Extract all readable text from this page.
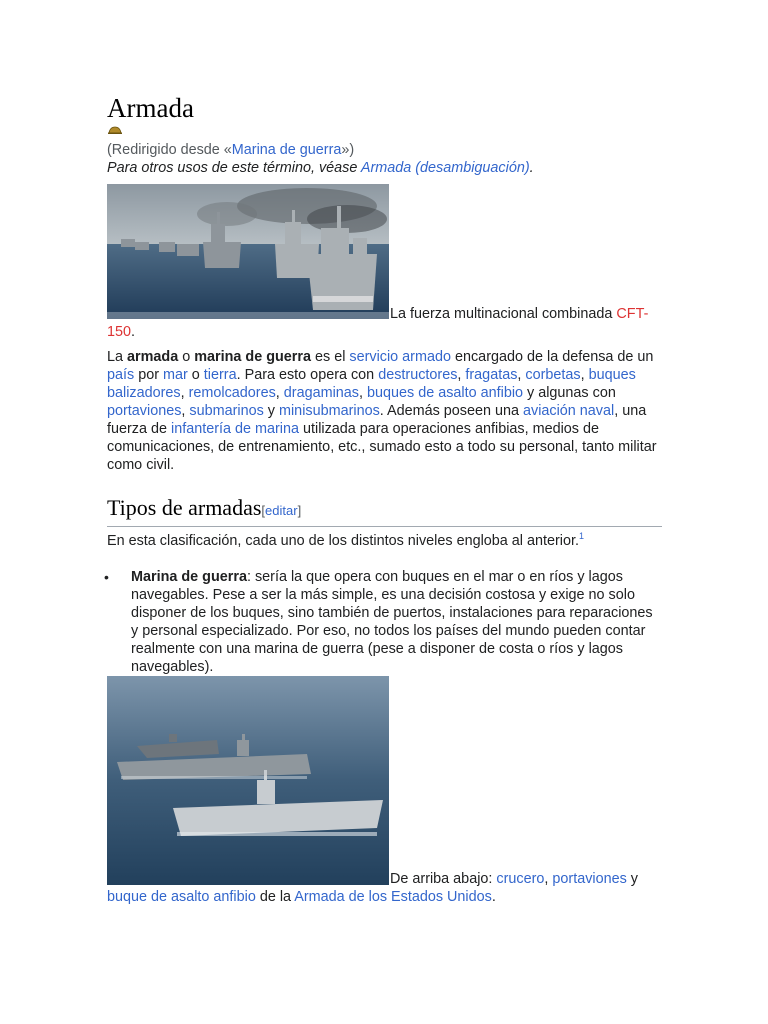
Armada
(Redirigido desde «Marina de guerra»)
Para otros usos de este término, véase Armada (desambiguación).
La fuerza multinacional combinada CFT-150.

La armada o marina de guerra es el servicio armado encargado de la defensa de un país por mar o tierra. Para esto opera con destructores, fragatas, corbetas, buques balizadores, remolcadores, dragaminas, buques de asalto anfibio y algunas con portaviones, submarinos y minisubmarinos. Además poseen una aviación naval, una fuerza de infantería de marina utilizada para operaciones anfibias, medios de comunicaciones, de entrenamiento, etc., sumado esto a todo su personal, tanto militar como civil.

Tipos de armadas[editar]

En esta clasificación, cada uno de los distintos niveles engloba al anterior.$^1$

• Marina de guerra: sería la que opera con buques en el mar o en ríos y lagos navegables. Pese a ser la más simple, es una decisión costosa y exige no solo disponer de los buques, sino también de puertos, instalaciones para reparaciones y personal especializado. Por eso, no todos los países del mundo pueden contar realmente con una marina de guerra (pese a disponer de costa o ríos y lagos navegables).

De arriba abajo: crucero, portaviones y buque de asalto anfibio de la Armada de los Estados Unidos.
